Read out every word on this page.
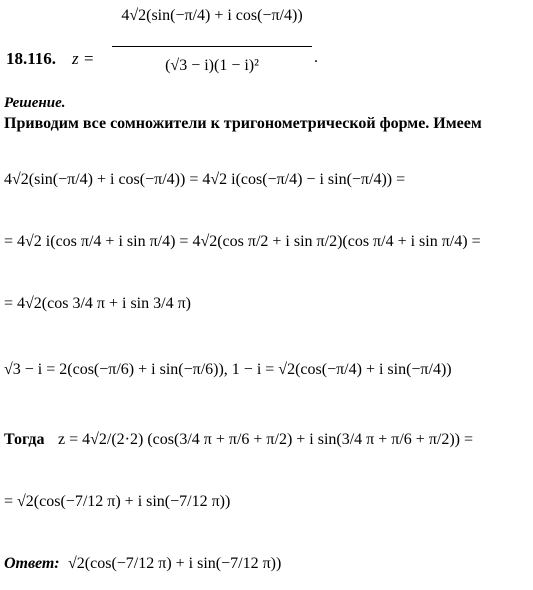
18.116. z =
4√2(sin(−π/4) + i cos(−π/4))
(√3 − i)(1 − i)²	.
Решение.
Приводим все сомножители к тригонометрической форме. Имеем
4√2(sin(−π/4) + i cos(−π/4)) = 4√2 i(cos(−π/4) − i sin(−π/4)) =
= 4√2 i(cos π/4 + i sin π/4) = 4√2(cos π/2 + i sin π/2)(cos π/4 + i sin π/4) =
= 4√2(cos 3/4 π + i sin 3/4 π)
√3 − i = 2(cos(−π/6) + i sin(−π/6)), 1 − i = √2(cos(−π/4) + i sin(−π/4))
Тогда z = 4√2/(2·2) (cos(3/4 π + π/6 + π/2) + i sin(3/4 π + π/6 + π/2)) =
= √2(cos(−7/12 π) + i sin(−7/12 π))
Ответ: √2(cos(−7/12 π) + i sin(−7/12 π))
